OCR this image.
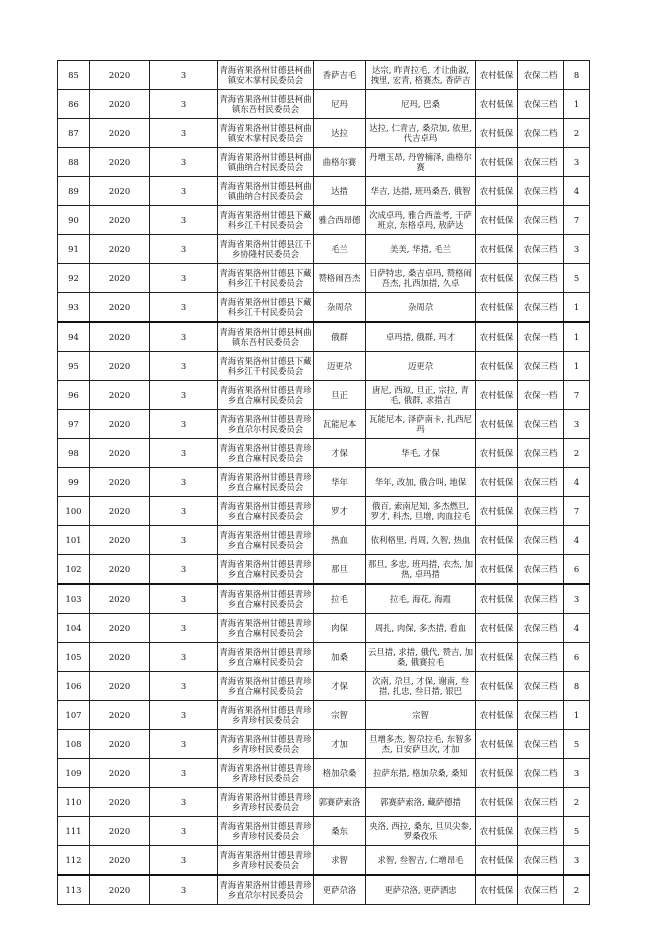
85	2020	3	青海省果洛州甘德县柯曲镇安木掌村民委员会	香萨吉毛	达宗, 昨青拉毛, 才让曲淑, 拽里, 宏青, 格赛杰, 香萨吉	农村低保	农保二档	8
86	2020	3	青海省果洛州甘德县柯曲镇东吾村民委员会	尼玛	尼玛, 巴桑	农村低保	农保三档	1
87	2020	3	青海省果洛州甘德县柯曲镇安木掌村民委员会	达拉	达拉, 仁青吉, 桑尕加, 依里, 代吉卓玛	农村低保	农保二档	2
88	2020	3	青海省果洛州甘德县柯曲镇曲纳合村民委员会	曲格尔赛	丹增玉昂, 丹曾楠泽, 曲格尔赛	农村低保	农保三档	3
89	2020	3	青海省果洛州甘德县柯曲镇曲纳合村民委员会	达措	华吉, 达措, 班玛桑吾, 俄智	农村低保	农保三档	4
90	2020	3	青海省果洛州甘德县下藏科乡江千村民委员会	雅合西昂德	次成卓玛, 雅合西盖考, 干萨班京, 东格卓玛, 敖萨达	农村低保	农保三档	7
91	2020	3	青海省果洛州甘德县江千乡协隆村民委员会	毛兰	美美, 华措, 毛兰	农村低保	农保三档	3
92	2020	3	青海省果洛州甘德县下藏科乡江千村民委员会	赞格闹吾杰	日萨特忠, 桑吉卓玛, 赞格闹吾杰, 扎西加措, 久卓	农村低保	农保三档	5
93	2020	3	青海省果洛州甘德县下藏科乡江千村民委员会	杂周尕	杂周尕	农村低保	农保三档	1
94	2020	3	青海省果洛州甘德县柯曲镇东吾村民委员会	俄群	卓玛措, 俄群, 玛才	农村低保	农保一档	1
95	2020	3	青海省果洛州甘德县下藏科乡江千村民委员会	迈更尕	迈更尕	农村低保	农保三档	1
96	2020	3	青海省果洛州甘德县青珍乡直合麻村民委员会	旦正	唐尼, 西琼, 旦正, 宗拉, 青毛, 俄群, 求措吉	农村低保	农保一档	7
97	2020	3	青海省果洛州甘德县青珍乡直尕尔村民委员会	瓦能尼本	瓦能尼本, 泽萨南卡, 扎西尼玛	农村低保	农保三档	3
98	2020	3	青海省果洛州甘德县青珍乡直合麻村民委员会	才保	华毛, 才保	农村低保	农保三档	2
99	2020	3	青海省果洛州甘德县青珍乡直合麻村民委员会	华年	华年, 改加, 俄合叫, 地保	农村低保	农保三档	4
100	2020	3	青海省果洛州甘德县青珍乡直合麻村民委员会	罗才	俄百, 索南尼知, 多杰燃旦, 罗才, 科杰, 旦增, 肉血拉毛	农村低保	农保三档	7
101	2020	3	青海省果洛州甘德县青珍乡直合麻村民委员会	热血	依利格里, 肖周, 久智, 热血	农村低保	农保三档	4
102	2020	3	青海省果洛州甘德县青珍乡直合麻村民委员会	那旦	那旦, 多忠, 班玛措, 衣杰, 加热, 卓玛措	农村低保	农保三档	6
103	2020	3	青海省果洛州甘德县青珍乡直合麻村民委员会	拉毛	拉毛, 海花, 海霞	农村低保	农保三档	3
104	2020	3	青海省果洛州甘德县青珍乡直合麻村民委员会	肉保	周扎, 肉保, 多杰措, 看血	农村低保	农保三档	4
105	2020	3	青海省果洛州甘德县青珍乡直合麻村民委员会	加桑	云旦措, 求措, 俄代, 赞吉, 加桑, 俄赛拉毛	农村低保	农保三档	6
106	2020	3	青海省果洛州甘德县青珍乡直合麻村民委员会	才保	次南, 尕旦, 才保, 谢南, 叁措, 扎忠, 叁日措, 银巴	农村低保	农保三档	8
107	2020	3	青海省果洛州甘德县青珍乡青珍村民委员会	宗智	宗智	农村低保	农保三档	1
108	2020	3	青海省果洛州甘德县青珍乡青珍村民委员会	才加	旦增多杰, 智尕拉毛, 东智多杰, 日安萨旦次, 才加	农村低保	农保三档	5
109	2020	3	青海省果洛州甘德县青珍乡青珍村民委员会	格加尕桑	拉萨东措, 格加尕桑, 桑知	农村低保	农保二档	3
110	2020	3	青海省果洛州甘德县青珍乡青珍村民委员会	郭赛萨索洛	郭赛萨索洛, 藏萨德措	农村低保	农保三档	2
111	2020	3	青海省果洛州甘德县青珍乡青珍村民委员会	桑东	央洛, 西拉, 桑东, 旦贝尖参, 罗桑孜乐	农村低保	农保三档	5
112	2020	3	青海省果洛州甘德县青珍乡青珍村民委员会	求智	求智, 叁智吉, 仁增昂毛	农村低保	农保三档	3
113	2020	3	青海省果洛州甘德县青珍乡直尕尔村民委员会	更萨尕洛	更萨尕洛, 更萨洒忠	农村低保	农保三档	2
